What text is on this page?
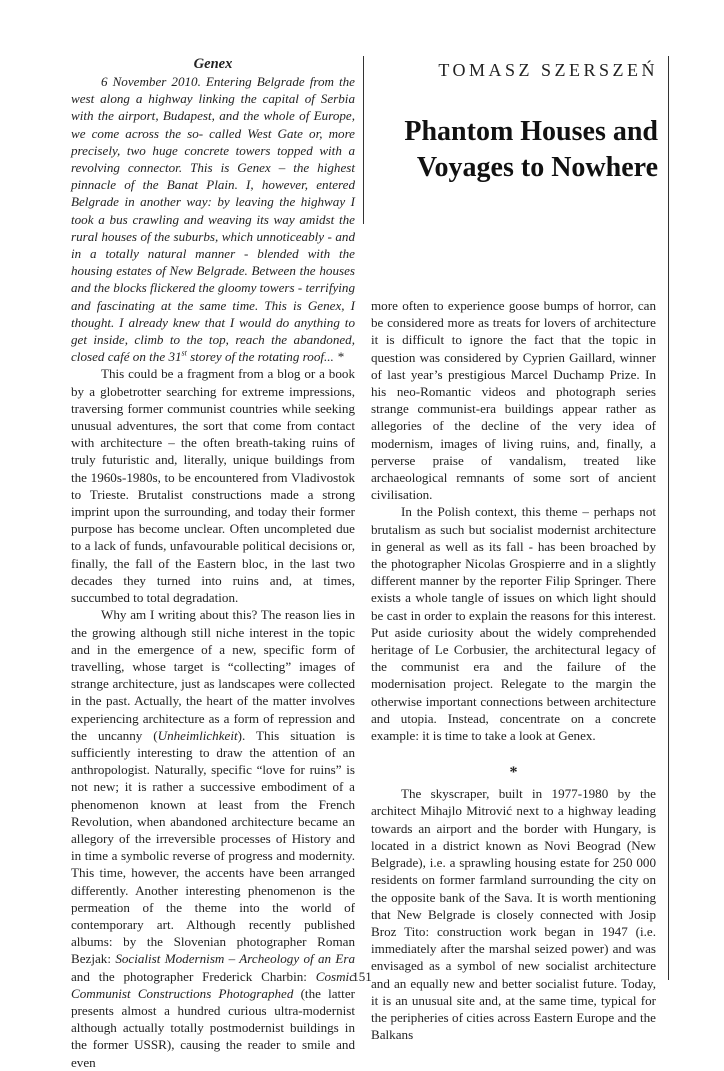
Genex

6 November 2010. Entering Belgrade from the west along a highway linking the capital of Serbia with the airport, Budapest, and the whole of Europe, we come across the so- called West Gate or, more precisely, two huge concrete towers topped with a revolving connector. This is Genex – the highest pinnacle of the Banat Plain. I, however, entered Belgrade in another way: by leaving the highway I took a bus crawling and weaving its way amidst the rural houses of the suburbs, which unnoticeably - and in a totally natural manner - blended with the housing estates of New Belgrade. Between the houses and the blocks flickered the gloomy towers - terrifying and fascinating at the same time. This is Genex, I thought. I already knew that I would do anything to get inside, climb to the top, reach the abandoned, closed café on the 31st storey of the rotating roof... *

This could be a fragment from a blog or a book by a globetrotter searching for extreme impressions, traversing former communist countries while seeking unusual adventures, the sort that come from contact with architecture – the often breath-taking ruins of truly futuristic and, literally, unique buildings from the 1960s-1980s, to be encountered from Vladivostok to Trieste. Brutalist constructions made a strong imprint upon the surrounding, and today their former purpose has become unclear. Often uncompleted due to a lack of funds, unfavourable political decisions or, finally, the fall of the Eastern bloc, in the last two decades they turned into ruins and, at times, succumbed to total degradation.

Why am I writing about this? The reason lies in the growing although still niche interest in the topic and in the emergence of a new, specific form of travelling, whose target is “collecting” images of strange architecture, just as landscapes were collected in the past. Actually, the heart of the matter involves experiencing architecture as a form of repression and the uncanny (Unheimlichkeit). This situation is sufficiently interesting to draw the attention of an anthropologist. Naturally, specific “love for ruins” is not new; it is rather a successive embodiment of a phenomenon known at least from the French Revolution, when abandoned architecture became an allegory of the irreversible processes of History and in time a symbolic reverse of progress and modernity. This time, however, the accents have been arranged differently. Another interesting phenomenon is the permeation of the theme into the world of contemporary art. Although recently published albums: by the Slovenian photographer Roman Bezjak: Socialist Modernism – Archeology of an Era and the photographer Frederick Charbin: Cosmic Communist Constructions Photographed (the latter presents almost a hundred curious ultra-modernist although actually totally postmodernist buildings in the former USSR), causing the reader to smile and even

TOMASZ SZERSZEŃ
Phantom Houses and
Voyages to Nowhere

more often to experience goose bumps of horror, can be considered more as treats for lovers of architecture it is difficult to ignore the fact that the topic in question was considered by Cyprien Gaillard, winner of last year’s prestigious Marcel Duchamp Prize. In his neo-Romantic videos and photograph series strange communist-era buildings appear rather as allegories of the decline of the very idea of modernism, images of living ruins, and, finally, a perverse praise of vandalism, treated like archaeological remnants of some sort of ancient civilisation.

In the Polish context, this theme – perhaps not brutalism as such but socialist modernist architecture in general as well as its fall - has been broached by the photographer Nicolas Grospierre and in a slightly different manner by the reporter Filip Springer. There exists a whole tangle of issues on which light should be cast in order to explain the reasons for this interest. Put aside curiosity about the widely comprehended heritage of Le Corbusier, the architectural legacy of the communist era and the failure of the modernisation project. Relegate to the margin the otherwise important connections between architecture and utopia. Instead, concentrate on a concrete example: it is time to take a look at Genex.

*

The skyscraper, built in 1977-1980 by the architect Mihajlo Mitrović next to a highway leading towards an airport and the border with Hungary, is located in a district known as Novi Beograd (New Belgrade), i.e. a sprawling housing estate for 250 000 residents on former farmland surrounding the city on the opposite bank of the Sava. It is worth mentioning that New Belgrade is closely connected with Josip Broz Tito: construction work began in 1947 (i.e. immediately after the marshal seized power) and was envisaged as a symbol of new socialist architecture and an equally new and better socialist future. Today, it is an unusual site and, at the same time, typical for the peripheries of cities across Eastern Europe and the Balkans

151
